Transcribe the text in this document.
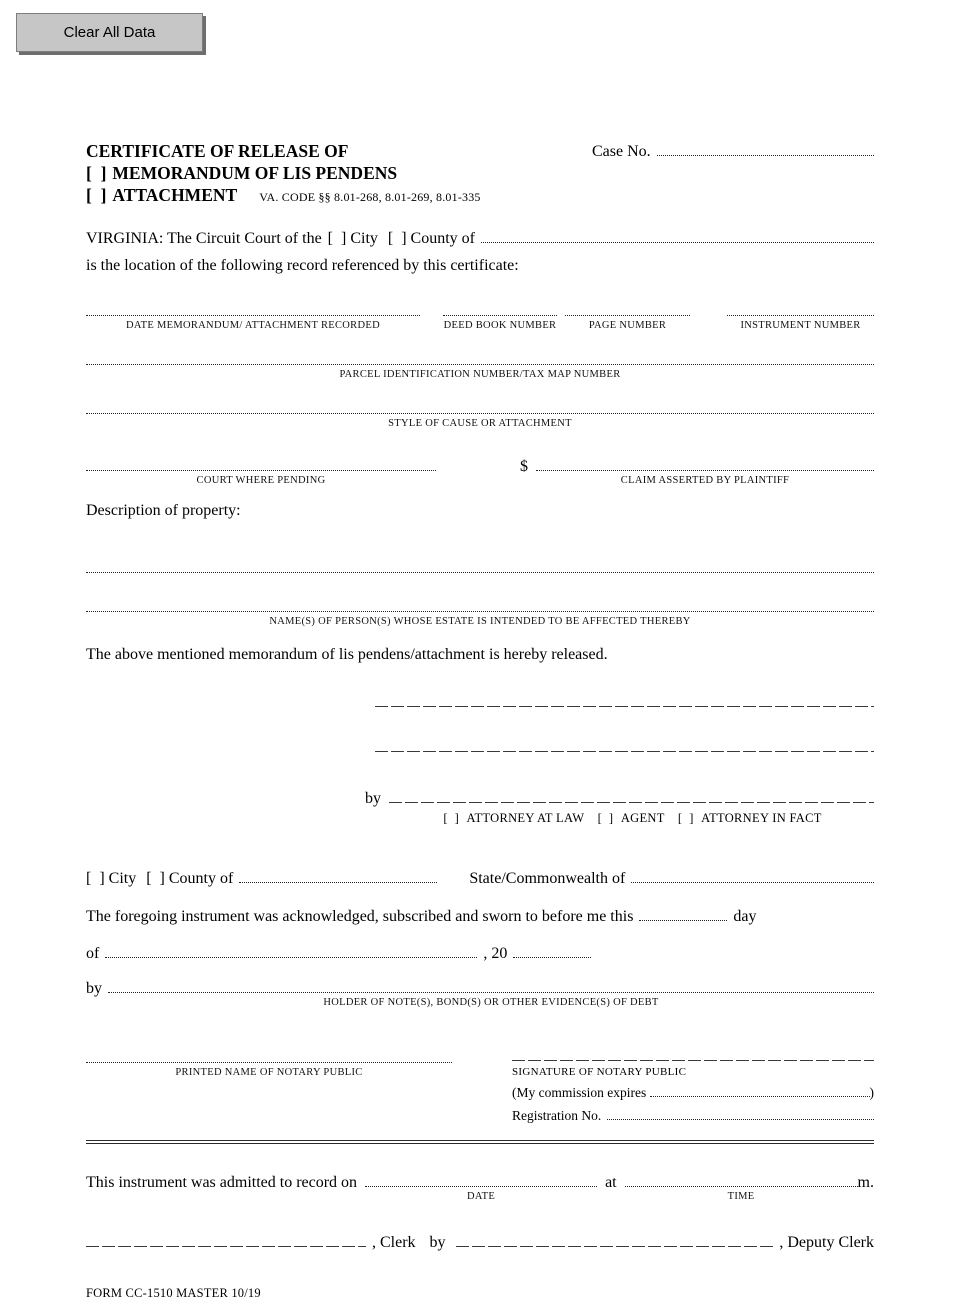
Clear All Data
CERTIFICATE OF RELEASE OF
[  ] MEMORANDUM OF LIS PENDENS
[  ] ATTACHMENT VA. CODE §§ 8.01-268, 8.01-269, 8.01-335
Case No.
VIRGINIA: The Circuit Court of the [  ] City [  ] County of
is the location of the following record referenced by this certificate:
DATE MEMORANDUM/ ATTACHMENT RECORDED	DEED BOOK NUMBER	PAGE NUMBER	INSTRUMENT NUMBER
PARCEL IDENTIFICATION NUMBER/TAX MAP NUMBER
STYLE OF CAUSE OR ATTACHMENT
COURT WHERE PENDING
$
CLAIM ASSERTED BY PLAINTIFF
Description of property:
NAME(S) OF PERSON(S) WHOSE ESTATE IS INTENDED TO BE AFFECTED THEREBY
The above mentioned memorandum of lis pendens/attachment is hereby released.
by
[  ] ATTORNEY AT LAW [  ] AGENT [  ] ATTORNEY IN FACT
[  ] City [  ] County of	State/Commonwealth of
The foregoing instrument was acknowledged, subscribed and sworn to before me this	day
of	, 20
by
HOLDER OF NOTE(S), BOND(S) OR OTHER EVIDENCE(S) OF DEBT
PRINTED NAME OF NOTARY PUBLIC	SIGNATURE OF NOTARY PUBLIC
(My commission expires	)
Registration No.
This instrument was admitted to record on
DATE
at
TIME
m.
, Clerk by	, Deputy Clerk
FORM CC-1510 MASTER 10/19
